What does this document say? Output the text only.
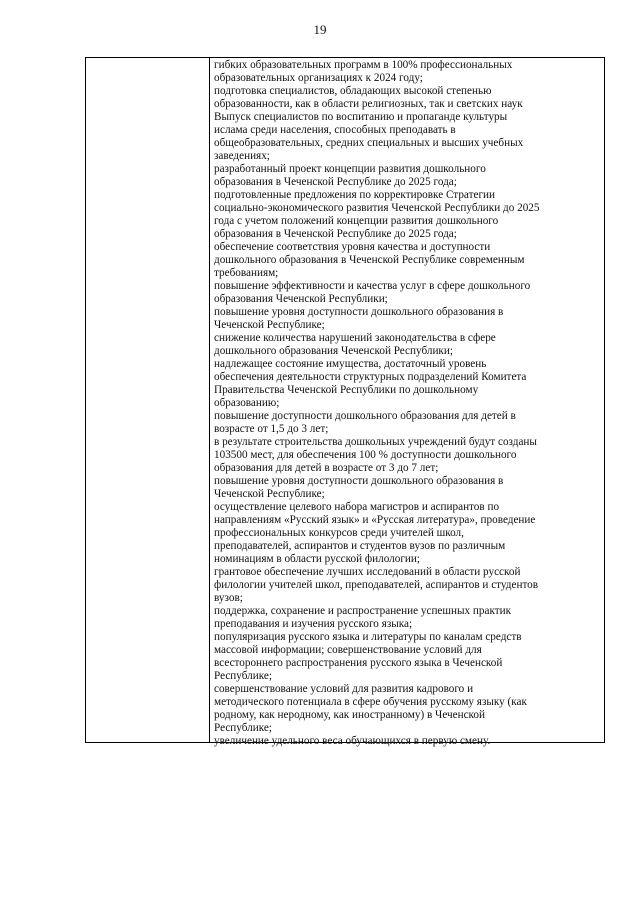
19
гибких образовательных программ в 100% профессиональных
образовательных организациях к 2024 году;
подготовка специалистов, обладающих высокой степенью
образованности, как в области религиозных, так и светских наук
Выпуск специалистов по воспитанию и пропаганде культуры
ислама среди населения, способных преподавать в
общеобразовательных, средних специальных и высших учебных
заведениях;
разработанный проект концепции развития дошкольного
образования в Чеченской Республике до 2025 года;
подготовленные предложения по корректировке Стратегии
социально-экономического развития Чеченской Республики до 2025
года с учетом положений концепции развития дошкольного
образования в Чеченской Республике до 2025 года;
обеспечение соответствия уровня качества и доступности
дошкольного образования в Чеченской Республике современным
требованиям;
повышение эффективности и качества услуг в сфере дошкольного
образования Чеченской Республики;
повышение уровня доступности дошкольного образования в
Чеченской Республике;
снижение количества нарушений законодательства в сфере
дошкольного образования Чеченской Республики;
надлежащее состояние имущества, достаточный уровень
обеспечения деятельности структурных подразделений Комитета
Правительства Чеченской Республики по дошкольному
образованию;
повышение доступности дошкольного образования для детей в
возрасте от 1,5 до 3 лет;
в результате строительства дошкольных учреждений будут созданы
103500 мест, для обеспечения 100 % доступности дошкольного
образования для детей в возрасте от 3 до 7 лет;
повышение уровня доступности дошкольного образования в
Чеченской Республике;
осуществление целевого набора магистров и аспирантов по
направлениям «Русский язык» и «Русская литература», проведение
профессиональных конкурсов среди учителей школ,
преподавателей, аспирантов и студентов вузов по различным
номинациям в области русской филологии;
грантовое обеспечение лучших исследований в области русской
филологии учителей школ, преподавателей, аспирантов и студентов
вузов;
поддержка, сохранение и распространение успешных практик
преподавания и изучения русского языка;
популяризация русского языка и литературы по каналам средств
массовой информации; совершенствование условий для
всестороннего распространения русского языка в Чеченской
Республике;
совершенствование условий для развития кадрового и
методического потенциала в сфере обучения русскому языку (как
родному, как неродному, как иностранному) в Чеченской
Республике;
увеличение удельного веса обучающихся в первую смену.
